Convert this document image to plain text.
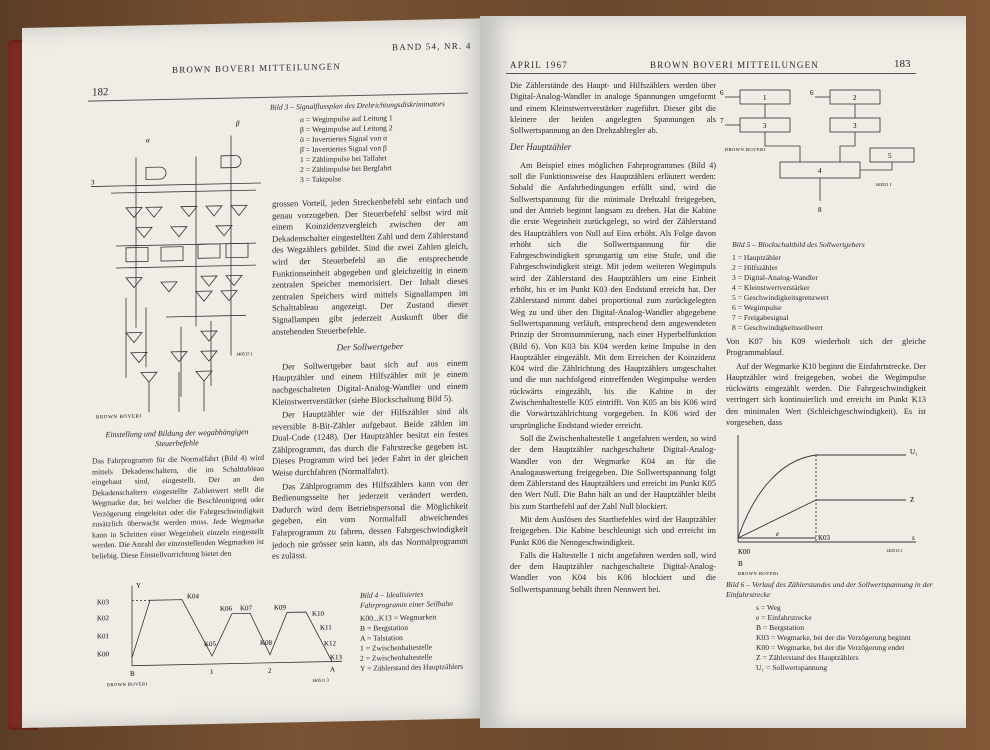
BROWN BOVERI MITTEILUNGEN
BAND 54, NR. 4
182
3
α
β
BROWN BOVERI
140515 1
Bild 3 – Signalflussplan des Drehrichtungsdiskriminators
α = Wegimpulse auf Leitung 1
β = Wegimpulse auf Leitung 2
ᾱ = Invertiertes Signal von α
β̄ = Invertiertes Signal von β
1 = Zählimpulse bei Talfahrt
2 = Zählimpulse bei Bergfahrt
3 = Taktpulse

grossen Vorteil, jeden Streckenbefehl sehr einfach und genau vorzugeben. Der Steuerbefehl selbst wird mit einem Koinzidenzvergleich zwischen der am Dekadenschalter eingestellten Zahl und dem Zählerstand des Wegzählers gebildet. Sind die zwei Zahlen gleich, wird der Steuerbefehl an die entsprechende Funktionseinheit abgegeben und gleichzeitig in einem zentralen Speicher memorisiert. Der Inhalt dieses zentralen Speichers wird mittels Signallampen im Schalttableau angezeigt. Der Zustand dieser Signallampen gibt jederzeit Auskunft über die anstehenden Steuerbefehle.

Der Sollwertgeber

Der Sollwertgeber baut sich auf aus einem Hauptzähler und einem Hilfszähler mit je einem nachgeschalteten Digital-Analog-Wandler und einem Kleinstwertverstärker (siehe Blockschaltung Bild 5).

Der Hauptzähler wie der Hilfszähler sind als reversible 8-Bit-Zähler aufgebaut. Beide zählen im Dual-Code (1248). Der Hauptzähler besitzt ein festes Zählprogramm, das durch die Fahrstrecke gegeben ist. Dieses Programm wird bei jeder Fahrt in der gleichen Weise durchfahren (Normalfahrt).

Das Zählprogramm des Hilfszählers kann von der Bedienungsseite her jederzeit verändert werden. Dadurch wird dem Betriebspersonal die Möglichkeit gegeben, ein vom Normalfall abweichendes Fahrprogramm zu fahren, dessen Fahrgeschwindigkeit jedoch nie grösser sein kann, als das Normalprogramm es zulässt.

Einstellung und Bildung der wegabhängigen Steuerbefehle

Das Fahrprogramm für die Normalfahrt (Bild 4) wird mittels Dekadenschaltern, die im Schalttableau eingebaut sind, eingestellt. Der an den Dekadenschaltern eingestellte Zahlenwert stellt die Wegmarke dar, bei welcher die Beschleunigung oder Verzögerung eingeleitet oder die Fahrgeschwindigkeit zusätzlich überwacht werden muss. Jede Wegmarke kann in Schritten einer Wegeinheit einzeln eingestellt werden. Die Anzahl der einzustellenden Wegmarken ist beliebig. Diese Einstellvorrichtung bietet den

K03
K02
K01
K00
K04
K05
K06 K07
K08
K09
K10
K11
K12
K13
Y
B	1	2	A
BROWN BOVERI
140511 3
Bild 4 – Idealisiertes Fahrprogramm einer Seilbahn
K00...K13 = Wegmarken
B = Bergstation
A = Talstation
1 = Zwischenhaltestelle
2 = Zwischenhaltestelle
Y = Zählerstand des Hauptzählers
APRIL 1967	BROWN BOVERI MITTEILUNGEN	183

Die Zählerstände des Haupt- und Hilfszählers werden über Digital-Analog-Wandler in analoge Spannungen umgeformt und einem Kleinstwertverstärker zugeführt. Dieser gibt die kleinere der beiden angelegten Spannungen als Sollwertspannung an den Drehzahlregler ab.

Der Hauptzähler

Am Beispiel eines möglichen Fahrprogrammes (Bild 4) soll die Funktionsweise des Hauptzählers erläutert werden: Sobald die Anfahrbedingungen erfüllt sind, wird die Sollwertspannung für die minimale Drehzahl freigegeben, und der Antrieb beginnt langsam zu drehen. Hat die Kabine die erste Wegeinheit zurückgelegt, so wird der Zählerstand des Hauptzählers von Null auf Eins erhöht. Als Folge davon erhöht sich die Sollwertspannung für die Fahrgeschwindigkeit sprungartig um eine Stufe, und die Fahrgeschwindigkeit steigt. Mit jedem weiteren Wegimpuls wird der Zählerstand des Hauptzählers um eine Einheit erhöht, bis er im Punkt K03 den Endstand erreicht hat. Der Zählerstand nimmt dabei proportional zum zurückgelegten Weg zu und über den Digital-Analog-Wandler abgegebene Sollwertspannung verläuft, entsprechend dem angewendeten Prinzip der Stromsummierung, nach einer Hyperbelfunktion (Bild 6). Von K03 bis K04 werden keine Impulse in den Hauptzähler eingezählt. Mit dem Erreichen der Koinzidenz K04 wird die Zählrichtung des Hauptzählers umgeschaltet und die nun nachfolgend eintreffenden Wegimpulse werden rückwärts eingezählt, bis die Kabine in der Zwischenhaltestelle K05 eintrifft. Von K05 an bis K06 wird die Vorwärtszählrichtung vorgegeben. In K06 wird der ursprüngliche Endstand wieder erreicht.

Soll die Zwischenhaltestelle 1 angefahren werden, so wird der dem Hauptzähler nachgeschaltete Digital-Analog-Wandler von der Wegmarke K04 an für die Analogauswertung freigegeben. Die Sollwertspannung folgt dem Zählerstand des Hauptzählers und erreicht im Punkt K05 den Wert Null. Die Bahn hält an und der Hauptzähler bleibt bis zum Startbefehl auf der Zahl Null blockiert.

Mit dem Auslösen des Startbefehles wird der Hauptzähler freigegeben. Die Kabine beschleunigt sich und erreicht im Punkt K06 die Nenngeschwindigkeit.

Falls die Haltestelle 1 nicht angefahren werden soll, wird der dem Hauptzähler nachgeschaltete Digital-Analog-Wandler von K04 bis K06 blockiert und die Sollwertspannung behält ihren Nennwert bei.

6	6
7
1	2
3	3
4
5
8
BROWN BOVERI
140521 1
Bild 5 – Blockschaltbild des Sollwertgebers
1 = Hauptzähler
2 = Hilfszähler
3 = Digital-Analog-Wandler
4 = Kleinstwertverstärker
5 = Geschwindigkeitsgrenzwert
6 = Wegimpulse
7 = Freigabesignal
8 = Geschwindigkeitssollwert

Von K07 bis K09 wiederholt sich der gleiche Programmablauf.

Auf der Wegmarke K10 beginnt die Einfahrtstrecke. Der Hauptzähler wird freigegeben, wobei die Wegimpulse rückwärts eingezählt werden. Die Fahrgeschwindigkeit verringert sich kontinuierlich und erreicht im Punkt K13 den minimalen Wert (Schleichgeschwindigkeit). Es ist vorgesehen, dass

U₁
Z
s
e
K00
K03
B
BROWN BOVERI
140513 1
Bild 6 – Verlauf des Zählerstandes und der Sollwertspannung in der Einfahrstrecke
s = Weg
e = Einfahrstrecke
B = Bergstation
K03 = Wegmarke, bei der die Verzögerung beginnt
K00 = Wegmarke, bei der die Verzögerung endet
Z = Zählerstand des Hauptzählers
U₁ = Sollwertspannung
